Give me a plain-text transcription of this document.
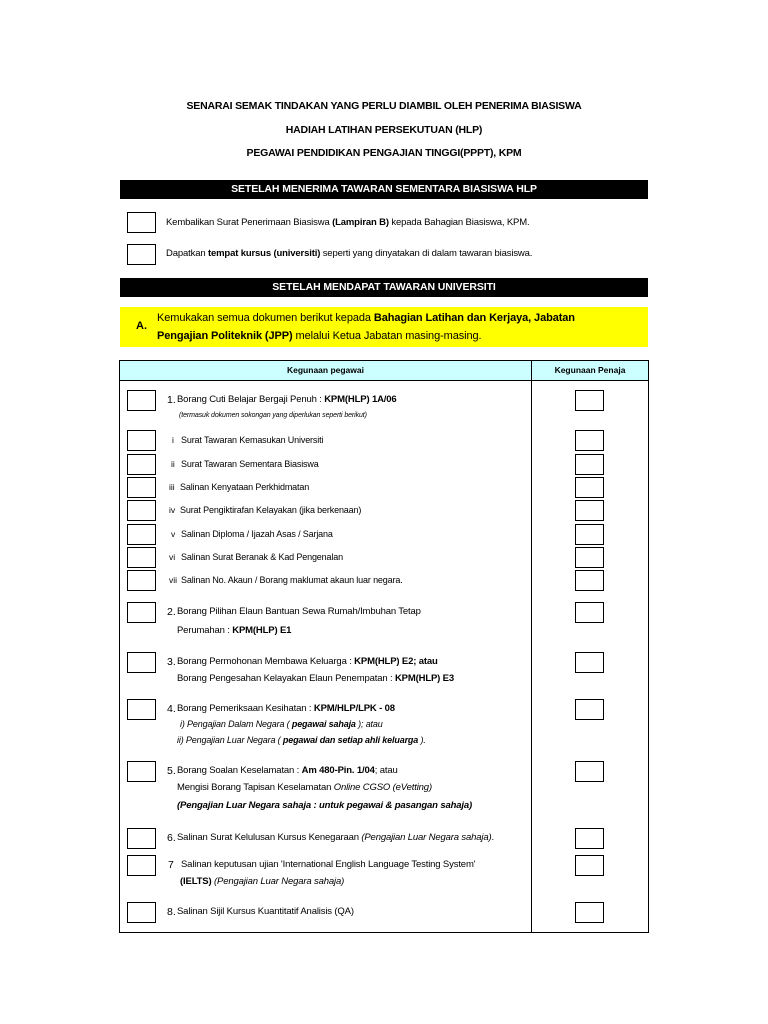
SENARAI SEMAK TINDAKAN YANG PERLU DIAMBIL OLEH PENERIMA BIASISWA
HADIAH LATIHAN PERSEKUTUAN (HLP)
PEGAWAI PENDIDIKAN PENGAJIAN TINGGI(PPPT), KPM
SETELAH MENERIMA TAWARAN SEMENTARA BIASISWA HLP
Kembalikan Surat Penerimaan Biasiswa (Lampiran B) kepada Bahagian Biasiswa, KPM.
Dapatkan tempat kursus (universiti) seperti yang dinyatakan di dalam tawaran biasiswa.
SETELAH MENDAPAT TAWARAN UNIVERSITI
A.
Kemukakan semua dokumen berikut kepada Bahagian Latihan dan Kerjaya, Jabatan
Pengajian Politeknik (JPP) melalui Ketua Jabatan masing-masing.
Kegunaan pegawai	Kegunaan Penaja
1. Borang Cuti Belajar Bergaji Penuh : KPM(HLP) 1A/06
(termasuk dokumen sokongan yang diperlukan seperti berikut)
i Surat Tawaran Kemasukan Universiti
ii Surat Tawaran Sementara Biasiswa
iii Salinan Kenyataan Perkhidmatan
iv Surat Pengiktirafan Kelayakan (jika berkenaan)
v Salinan Diploma / Ijazah Asas / Sarjana
vi Salinan Surat Beranak & Kad Pengenalan
vii Salinan No. Akaun / Borang maklumat akaun luar negara.
2. Borang Pilihan Elaun Bantuan Sewa Rumah/Imbuhan Tetap
Perumahan : KPM(HLP) E1
3. Borang Permohonan Membawa Keluarga : KPM(HLP) E2; atau
Borang Pengesahan Kelayakan Elaun Penempatan : KPM(HLP) E3
4. Borang Pemeriksaan Kesihatan : KPM/HLP/LPK - 08
i) Pengajian Dalam Negara ( pegawai sahaja ); atau
ii) Pengajian Luar Negara ( pegawai dan setiap ahli keluarga ).
5. Borang Soalan Keselamatan : Am 480-Pin. 1/04; atau
Mengisi Borang Tapisan Keselamatan Online CGSO (eVetting)
(Pengajian Luar Negara sahaja : untuk pegawai & pasangan sahaja)
6. Salinan Surat Kelulusan Kursus Kenegaraan (Pengajian Luar Negara sahaja).
7 Salinan keputusan ujian 'International English Language Testing System'
(IELTS) (Pengajian Luar Negara sahaja)
8. Salinan Sijil Kursus Kuantitatif Analisis (QA)
